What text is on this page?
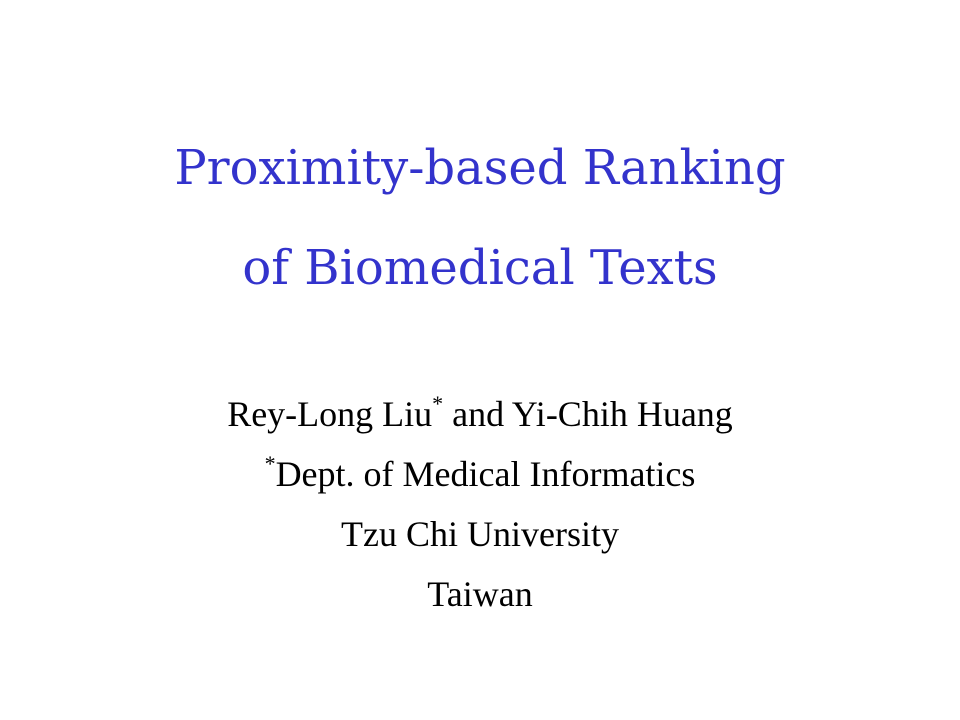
Proximity-based Ranking
of Biomedical Texts
Rey-Long Liu* and Yi-Chih Huang
*Dept. of Medical Informatics
Tzu Chi University
Taiwan
